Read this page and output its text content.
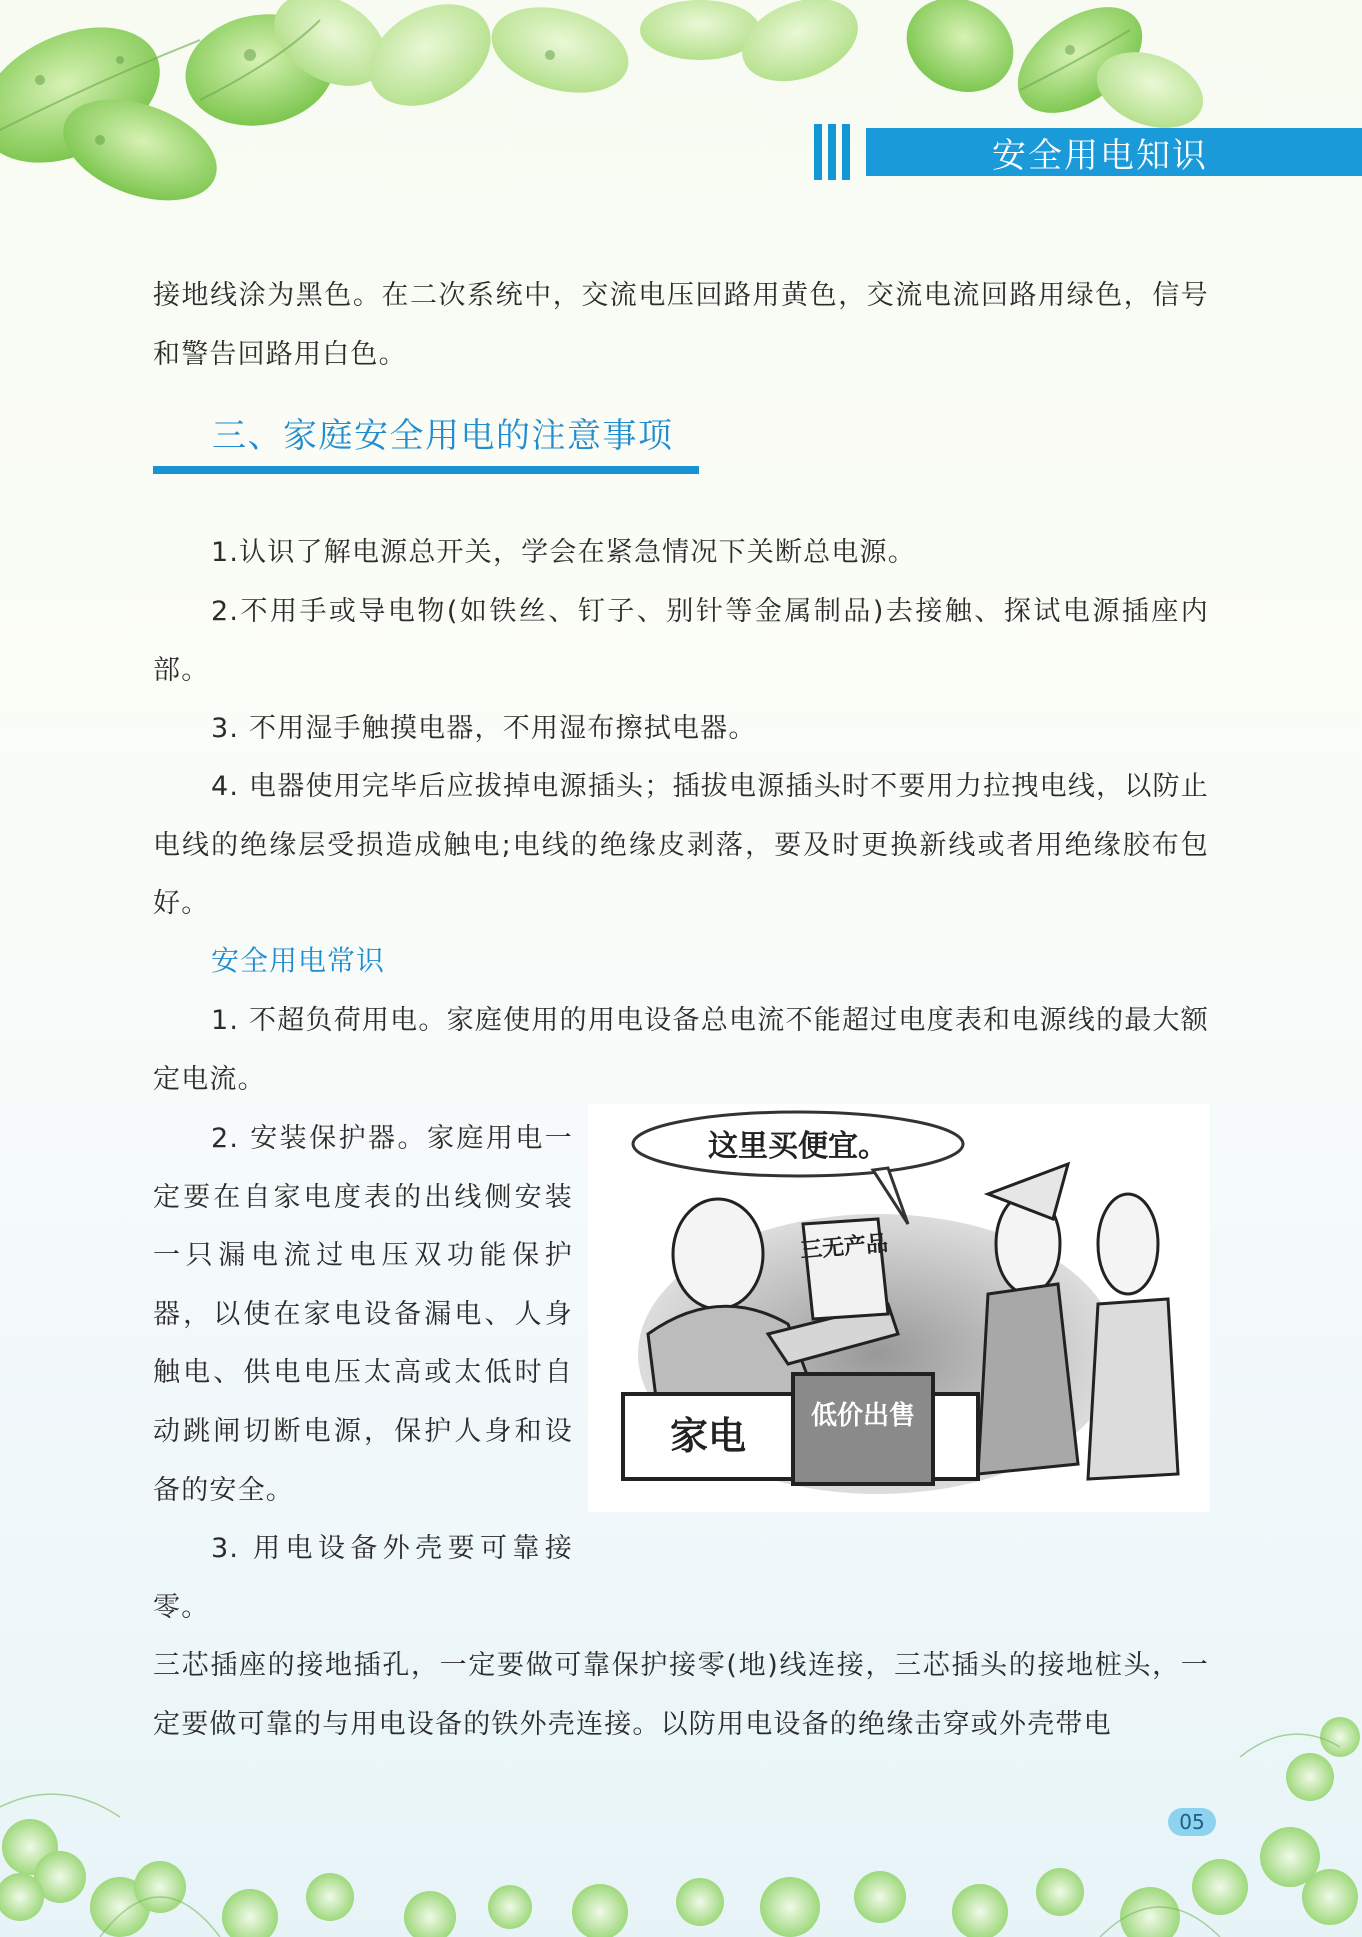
安全用电知识

接地线涂为黑色。在二次系统中，交流电压回路用黄色，交流电流回路用绿色，信号和警告回路用白色。

三、家庭安全用电的注意事项

1.认识了解电源总开关，学会在紧急情况下关断总电源。

2.不用手或导电物(如铁丝、钉子、别针等金属制品)去接触、探试电源插座内部。

3. 不用湿手触摸电器，不用湿布擦拭电器。

4. 电器使用完毕后应拔掉电源插头；插拔电源插头时不要用力拉拽电线，以防止电线的绝缘层受损造成触电;电线的绝缘皮剥落，要及时更换新线或者用绝缘胶布包好。

安全用电常识

1. 不超负荷用电。家庭使用的用电设备总电流不能超过电度表和电源线的最大额定电流。

2. 安装保护器。家庭用电一定要在自家电度表的出线侧安装一只漏电流过电压双功能保护器，以使在家电设备漏电、人身触电、供电电压太高或太低时自动跳闸切断电源，保护人身和设备的安全。

3. 用电设备外壳要可靠接零。

三芯插座的接地插孔，一定要做可靠保护接零(地)线连接，三芯插头的接地桩头，一定要做可靠的与用电设备的铁外壳连接。以防用电设备的绝缘击穿或外壳带电

这里买便宜。
三无产品
家电 低价出售
05
